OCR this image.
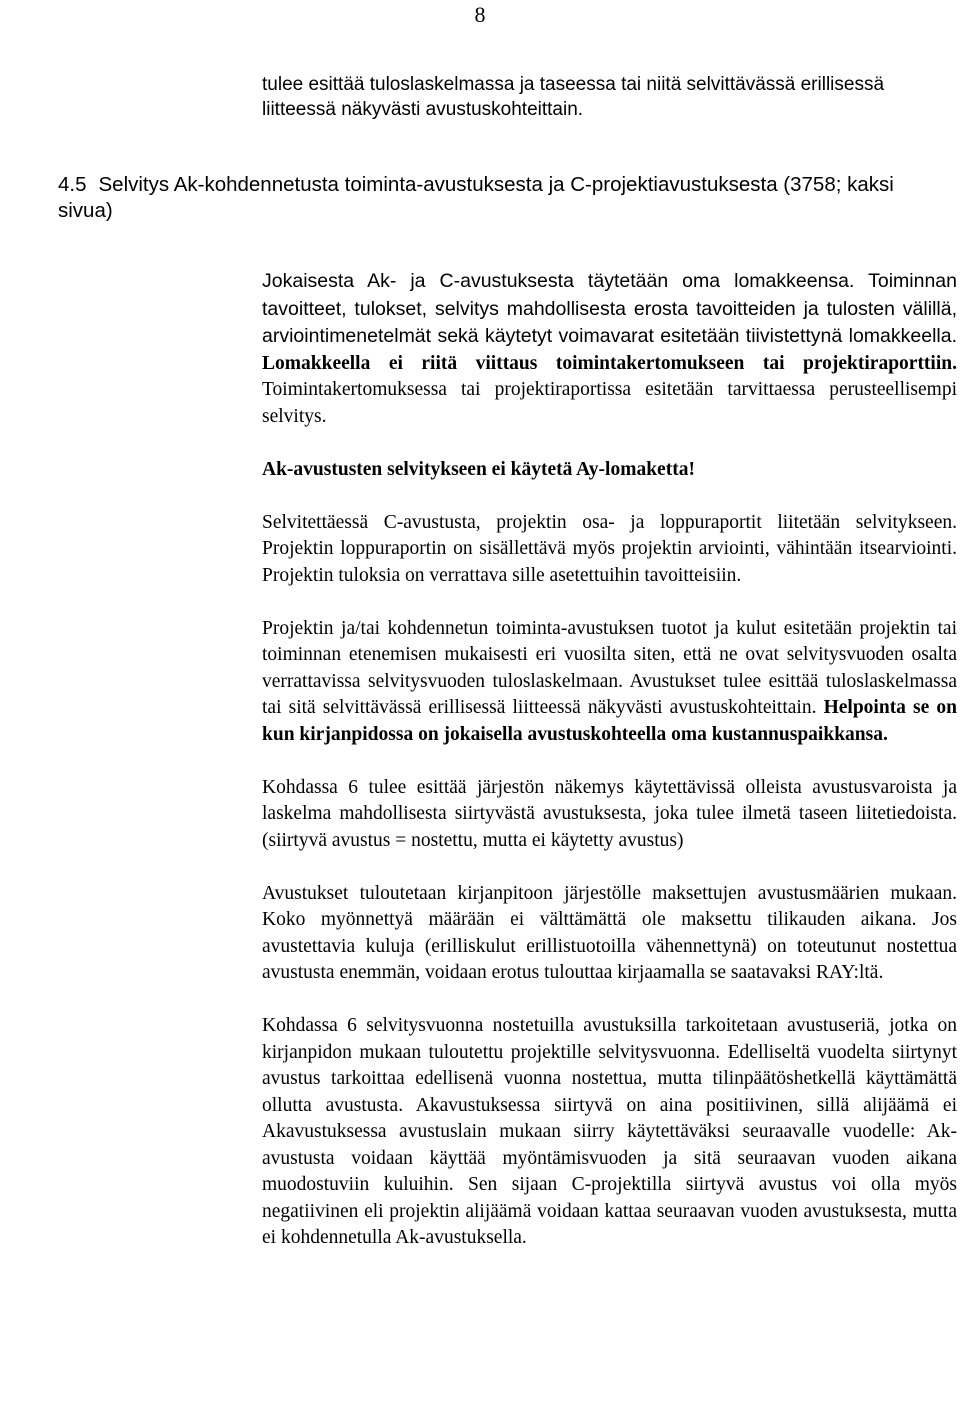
8

tulee esittää tuloslaskelmassa ja taseessa tai niitä selvittävässä erillisessä liitteessä näkyvästi avustuskohteittain.

4.5 Selvitys Ak-kohdennetusta toiminta-avustuksesta ja C-projektiavustuksesta (3758; kaksi sivua)

Jokaisesta Ak- ja C-avustuksesta täytetään oma lomakkeensa. Toiminnan tavoitteet, tulokset, selvitys mahdollisesta erosta tavoitteiden ja tulosten välillä, arviointimenetelmät sekä käytetyt voimavarat esitetään tiivistettynä lomakkeella. Lomakkeella ei riitä viittaus toimintakertomukseen tai projektiraporttiin. Toimintakertomuksessa tai projektiraportissa esitetään tarvittaessa perusteellisempi selvitys.

Ak-avustusten selvitykseen ei käytetä Ay-lomaketta!

Selvitettäessä C-avustusta, projektin osa- ja loppuraportit liitetään selvitykseen. Projektin loppuraportin on sisällettävä myös projektin arviointi, vähintään itsearviointi. Projektin tuloksia on verrattava sille asetettuihin tavoitteisiin.

Projektin ja/tai kohdennetun toiminta-avustuksen tuotot ja kulut esitetään projektin tai toiminnan etenemisen mukaisesti eri vuosilta siten, että ne ovat selvitysvuoden osalta verrattavissa selvitysvuoden tuloslaskelmaan. Avustukset tulee esittää tuloslaskelmassa tai sitä selvittävässä erillisessä liitteessä näkyvästi avustuskohteittain. Helpointa se on kun kirjanpidossa on jokaisella avustuskohteella oma kustannuspaikkansa.

Kohdassa 6 tulee esittää järjestön näkemys käytettävissä olleista avustusvaroista ja laskelma mahdollisesta siirtyvästä avustuksesta, joka tulee ilmetä taseen liitetiedoista. (siirtyvä avustus = nostettu, mutta ei käytetty avustus)

Avustukset tuloutetaan kirjanpitoon järjestölle maksettujen avustusmäärien mukaan. Koko myönnettyä määrään ei välttämättä ole maksettu tilikauden aikana. Jos avustettavia kuluja (erilliskulut erillistuotoilla vähennettynä) on toteutunut nostettua avustusta enemmän, voidaan erotus tulouttaa kirjaamalla se saatavaksi RAY:ltä.

Kohdassa 6 selvitysvuonna nostetuilla avustuksilla tarkoitetaan avustuseriä, jotka on kirjanpidon mukaan tuloutettu projektille selvitysvuonna. Edelliseltä vuodelta siirtynyt avustus tarkoittaa edellisenä vuonna nostettua, mutta tilinpäätöshetkellä käyttämättä ollutta avustusta. Akavustuksessa siirtyvä on aina positiivinen, sillä alijäämä ei Akavustuksessa avustuslain mukaan siirry käytettäväksi seuraavalle vuodelle: Ak-avustusta voidaan käyttää myöntämisvuoden ja sitä seuraavan vuoden aikana muodostuviin kuluihin. Sen sijaan C-projektilla siirtyvä avustus voi olla myös negatiivinen eli projektin alijäämä voidaan kattaa seuraavan vuoden avustuksesta, mutta ei kohdennetulla Ak-avustuksella.
